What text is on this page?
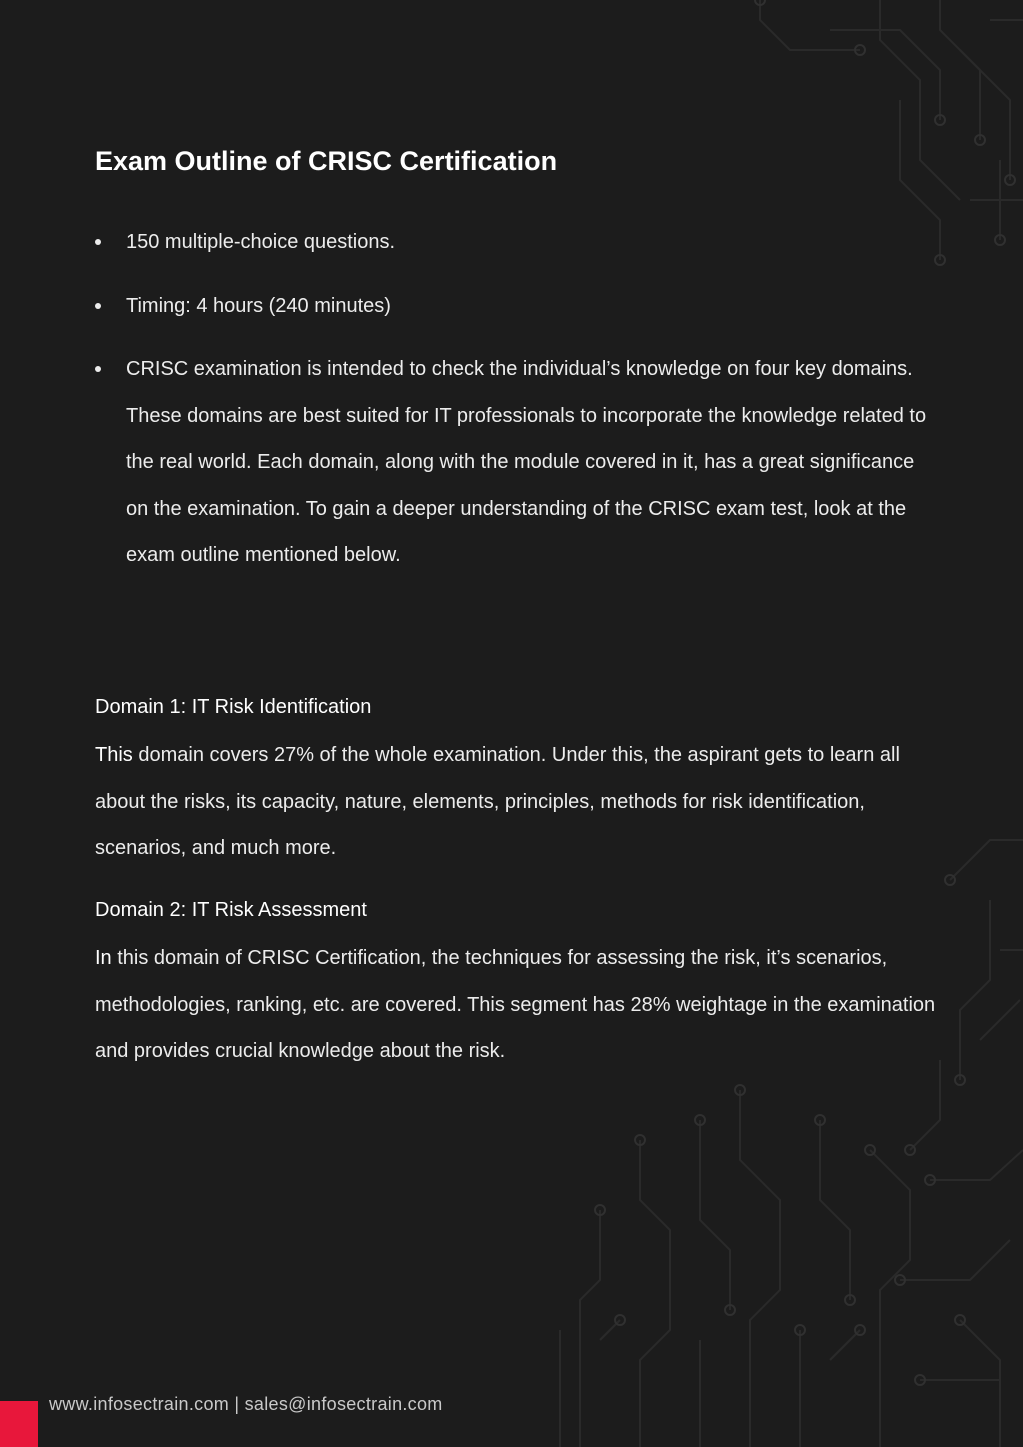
Exam Outline of CRISC Certification
150 multiple-choice questions.
Timing: 4 hours (240 minutes)
CRISC examination is intended to check the individual’s knowledge on four key domains. These domains are best suited for IT professionals to incorporate the knowledge related to the real world. Each domain, along with the module covered in it, has a great significance on the examination. To gain a deeper understanding of the CRISC exam test, look at the exam outline mentioned below.
Domain 1: IT Risk Identification

This domain covers 27% of the whole examination. Under this, the aspirant gets to learn all about the risks, its capacity, nature, elements, principles, methods for risk identification, scenarios, and much more.

Domain 2: IT Risk Assessment

In this domain of CRISC Certification, the techniques for assessing the risk, it’s scenarios, methodologies, ranking, etc. are covered. This segment has 28% weightage in the examination and provides crucial knowledge about the risk.

www.infosectrain.com | sales@infosectrain.com
